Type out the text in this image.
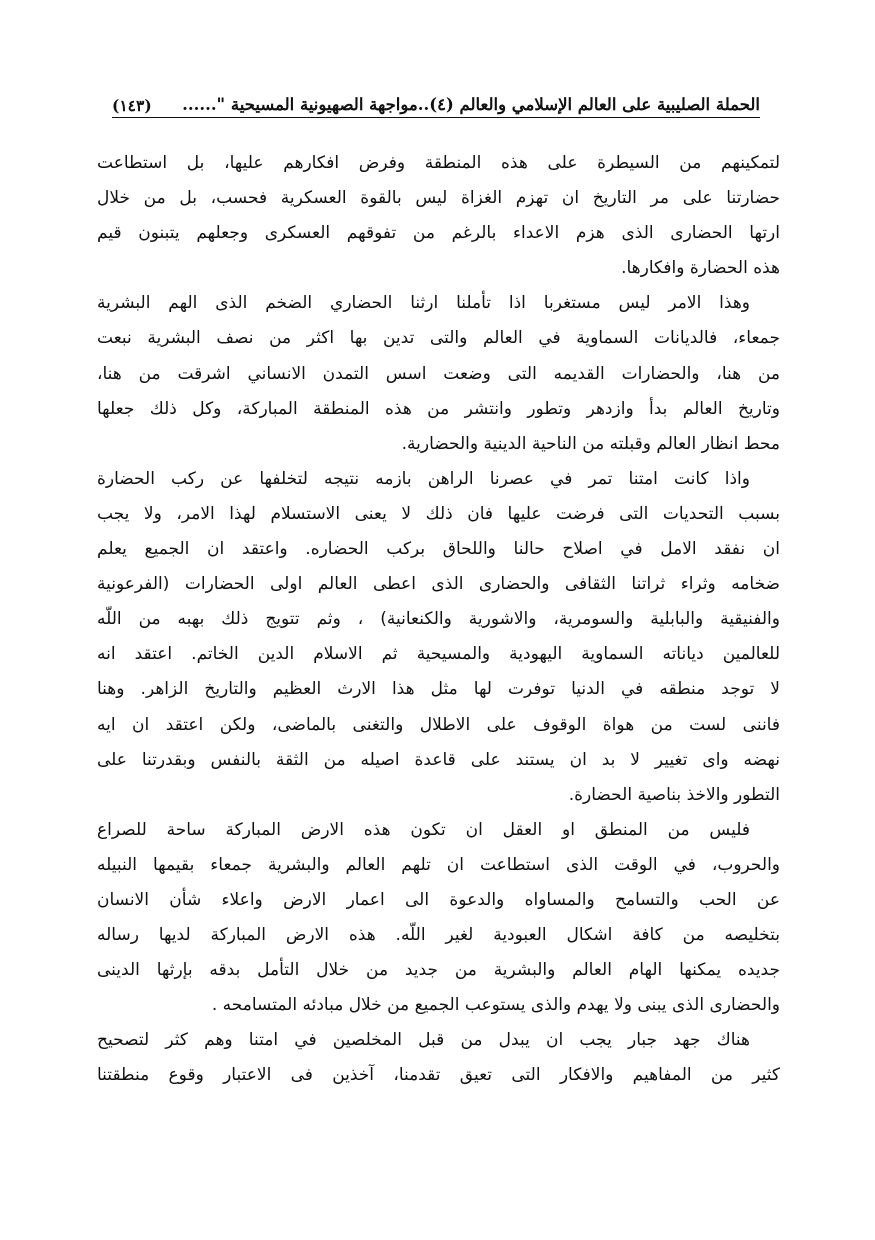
الحملة الصليبية على العالم الإسلامي والعالم (٤)..مواجهة الصهيونية المسيحية "......
(١٤٣)
لتمكينهم من السيطرة على هذه المنطقة وفرض افكارهم عليها، بل استطاعت
حضارتنا على مر التاريخ ان تهزم الغزاة ليس بالقوة العسكرية فحسب، بل من خلال
ارتها الحضارى الذى هزم الاعداء بالرغم من تفوقهم العسكرى وجعلهم يتبنون قيم
هذه الحضارة وافكارها.
وهذا الامر ليس مستغربا اذا تأملنا ارثنا الحضاري الضخم الذى الهم البشرية
جمعاء، فالديانات السماوية في العالم والتى تدين بها اكثر من نصف البشرية نبعت
من هنا، والحضارات القديمه التى وضعت اسس التمدن الانساني اشرقت من هنا،
وتاريخ العالم بدأ وازدهر وتطور وانتشر من هذه المنطقة المباركة، وكل ذلك جعلها
محط انظار العالم وقبلته من الناحية الدينية والحضارية.
واذا كانت امتنا تمر في عصرنا الراهن بازمه نتيجه لتخلفها عن ركب الحضارة
بسبب التحديات التى فرضت عليها فان ذلك لا يعنى الاستسلام لهذا الامر، ولا يجب
ان نفقد الامل في اصلاح حالنا واللحاق بركب الحضاره. واعتقد ان الجميع يعلم
ضخامه وثراء ثراتنا الثقافى والحضارى الذى اعطى العالم اولى الحضارات (الفرعونية
والفنيقية والبابلية والسومرية، والاشورية والكنعانية) ، وثم تتويج ذلك بهبه من اللّه
للعالمين دياناته السماوية اليهودية والمسيحية ثم الاسلام الدين الخاتم. اعتقد انه
لا توجد منطقه في الدنيا توفرت لها مثل هذا الارث العظيم والتاريخ الزاهر. وهنا
فاننى لست من هواة الوقوف على الاطلال والتغنى بالماضى، ولكن اعتقد ان ايه
نهضه واى تغيير لا بد ان يستند على قاعدة اصيله من الثقة بالنفس وبقدرتنا على
التطور والاخذ بناصية الحضارة.
فليس من المنطق او العقل ان تكون هذه الارض المباركة ساحة للصراع
والحروب، في الوقت الذى استطاعت ان تلهم العالم والبشرية جمعاء بقيمها النبيله
عن الحب والتسامح والمساواه والدعوة الى اعمار الارض واعلاء شأن الانسان
بتخليصه من كافة اشكال العبودية لغير اللّه. هذه الارض المباركة لديها رساله
جديده يمكنها الهام العالم والبشرية من جديد من خلال التأمل بدقه بإرثها الدينى
والحضارى الذى يبنى ولا يهدم والذى يستوعب الجميع من خلال مبادئه المتسامحه .
هناك جهد جبار يجب ان يبدل من قبل المخلصين في امتنا وهم كثر لتصحيح
كثير من المفاهيم والافكار التى تعيق تقدمنا، آخذين فى الاعتبار وقوع منطقتنا
